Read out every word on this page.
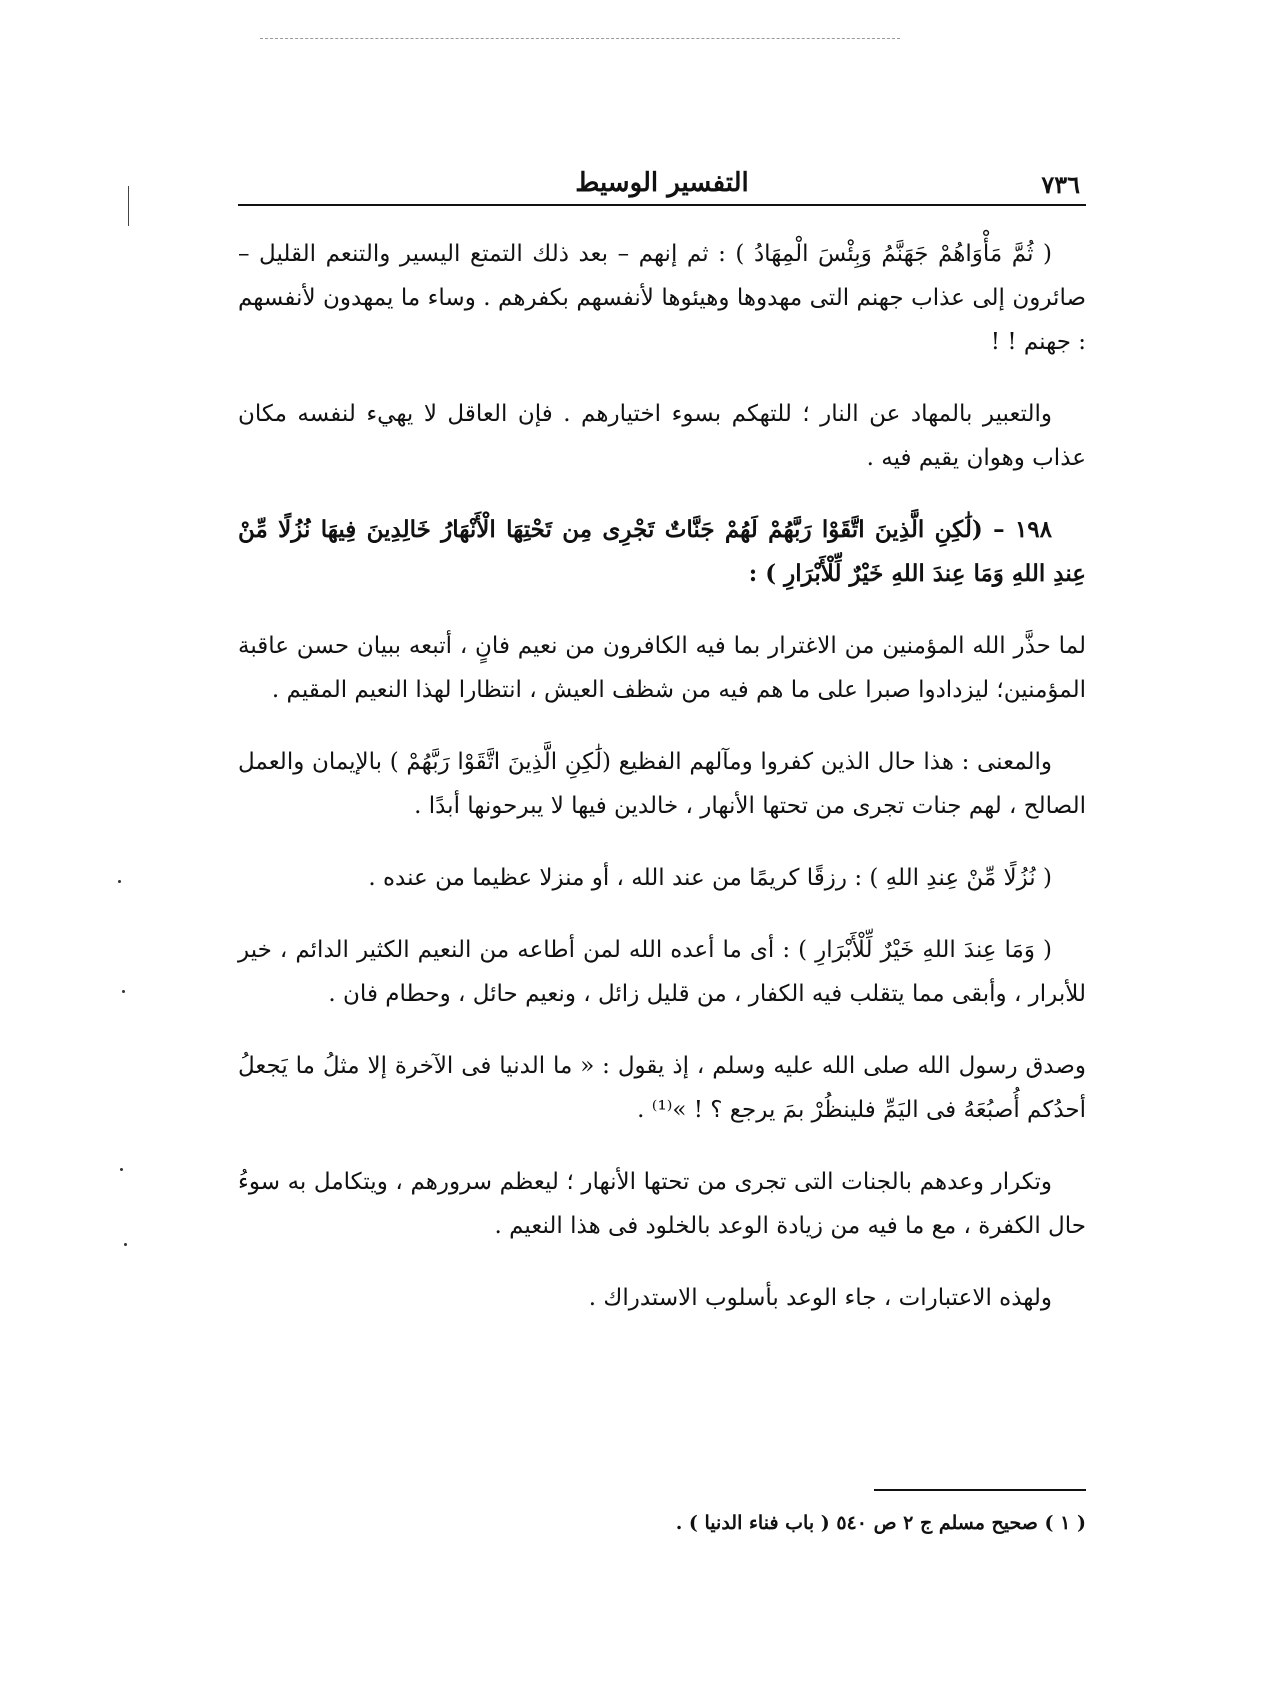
٧٣٦
التفسير الوسيط

( ثُمَّ مَأْوَاهُمْ جَهَنَّمُ وَبِئْسَ الْمِهَادُ ) : ثم إنهم – بعد ذلك التمتع اليسير والتنعم القليل – صائرون إلى عذاب جهنم التى مهدوها وهيئوها لأنفسهم بكفرهم . وساء ما يمهدون لأنفسهم : جهنم ! !

والتعبير بالمهاد عن النار ؛ للتهكم بسوء اختيارهم . فإن العاقل لا يهيء لنفسه مكان عذاب وهوان يقيم فيه .

١٩٨ – (لَٰكِنِ الَّذِينَ اتَّقَوْا رَبَّهُمْ لَهُمْ جَنَّاتٌ تَجْرِى مِن تَحْتِهَا الْأَنْهَارُ خَالِدِينَ فِيهَا نُزُلًا مِّنْ عِندِ اللهِ وَمَا عِندَ اللهِ خَيْرٌ لِّلْأَبْرَارِ ) :

لما حذَّر الله المؤمنين من الاغترار بما فيه الكافرون من نعيم فانٍ ، أتبعه ببيان حسن عاقبة المؤمنين؛ ليزدادوا صبرا على ما هم فيه من شظف العيش ، انتظارا لهذا النعيم المقيم .

والمعنى : هذا حال الذين كفروا ومآلهم الفظيع (لَٰكِنِ الَّذِينَ اتَّقَوْا رَبَّهُمْ ) بالإيمان والعمل الصالح ، لهم جنات تجرى من تحتها الأنهار ، خالدين فيها لا يبرحونها أبدًا .

( نُزُلًا مِّنْ عِندِ اللهِ ) : رزقًا كريمًا من عند الله ، أو منزلا عظيما من عنده .

( وَمَا عِندَ اللهِ خَيْرٌ لِّلْأَبْرَارِ ) : أى ما أعده الله لمن أطاعه من النعيم الكثير الدائم ، خير للأبرار ، وأبقى مما يتقلب فيه الكفار ، من قليل زائل ، ونعيم حائل ، وحطام فان .

وصدق رسول الله صلى الله عليه وسلم ، إذ يقول : « ما الدنيا فى الآخرة إلا مثلُ ما يَجعلُ أحدُكم أُصبُعَهُ فى اليَمِّ فلينظُرْ بمَ يرجع ؟ ! »⁽¹⁾ .

وتكرار وعدهم بالجنات التى تجرى من تحتها الأنهار ؛ ليعظم سرورهم ، ويتكامل به سوءُ حال الكفرة ، مع ما فيه من زيادة الوعد بالخلود فى هذا النعيم .

ولهذه الاعتبارات ، جاء الوعد بأسلوب الاستدراك .

( ١ ) صحيح مسلم ج ٢ ص ٥٤٠ ( باب فناء الدنيا ) .
